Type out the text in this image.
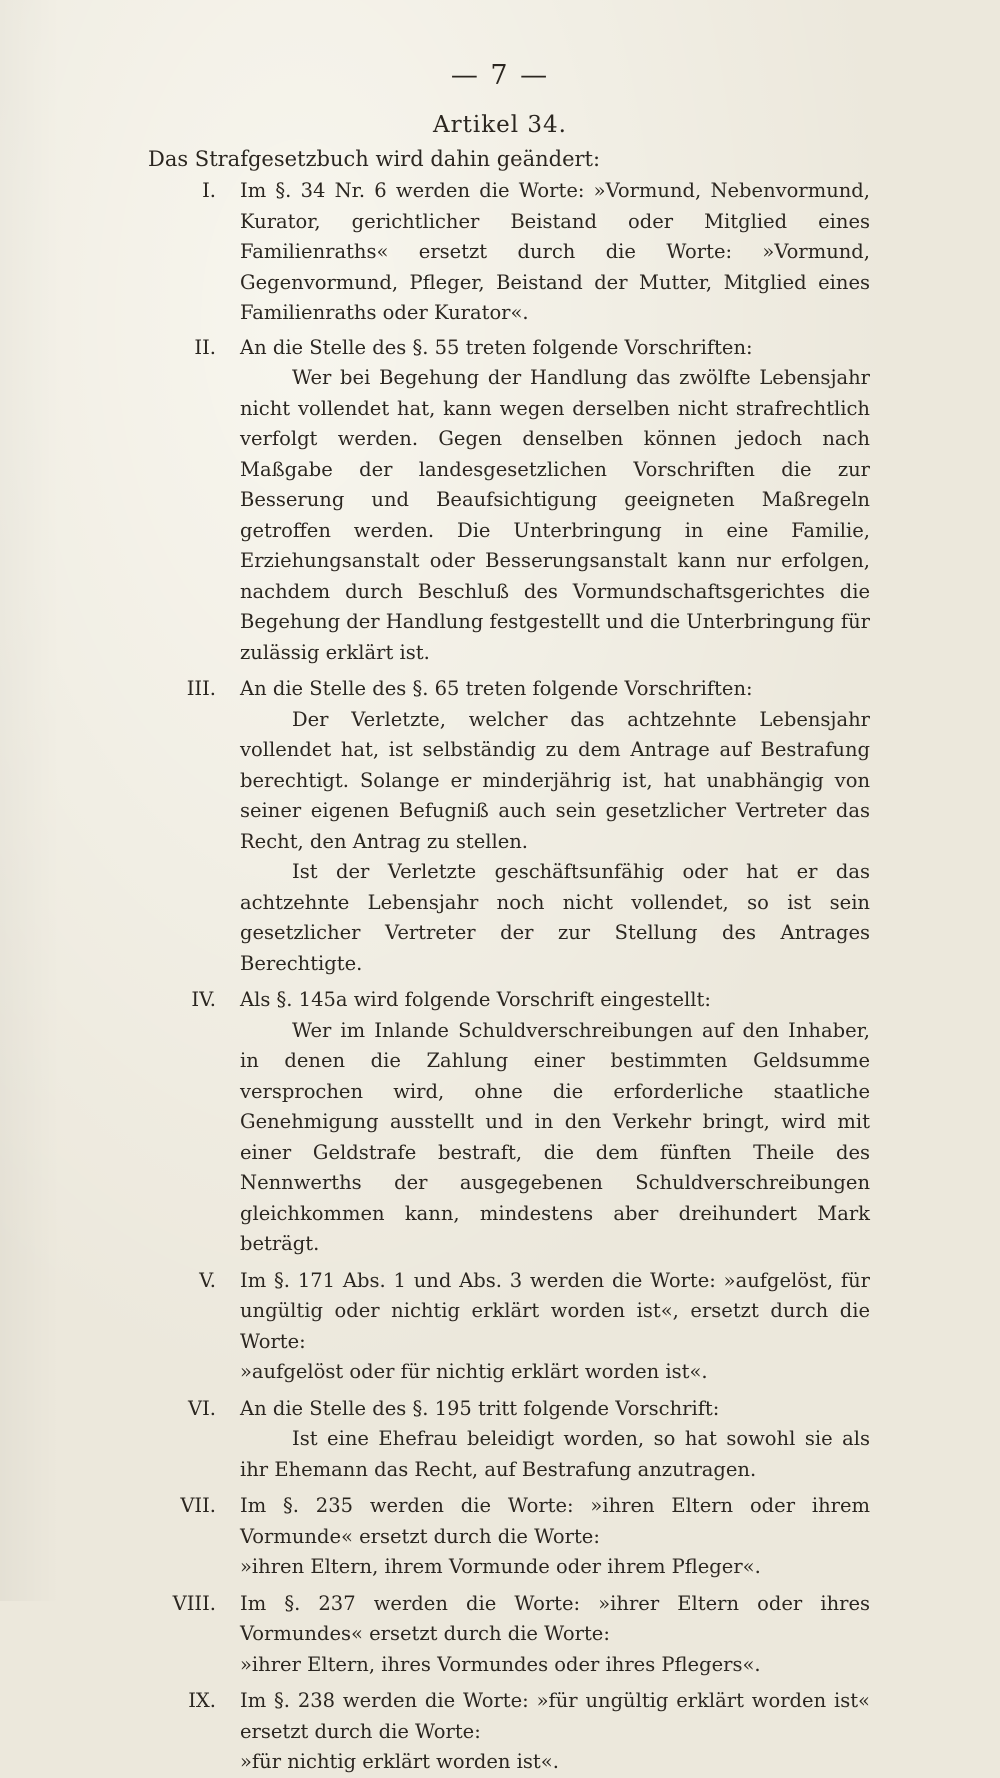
— 7 —
Artikel 34.
Das Strafgesetzbuch wird dahin geändert:
I. Im §. 34 Nr. 6 werden die Worte: »Vormund, Nebenvormund, Kurator, gerichtlicher Beistand oder Mitglied eines Familienraths« ersetzt durch die Worte: »Vormund, Gegenvormund, Pfleger, Beistand der Mutter, Mitglied eines Familienraths oder Kurator«.
II. An die Stelle des §. 55 treten folgende Vorschriften:
Wer bei Begehung der Handlung das zwölfte Lebensjahr nicht vollendet hat, kann wegen derselben nicht strafrechtlich verfolgt werden. Gegen denselben können jedoch nach Maßgabe der landesgesetzlichen Vorschriften die zur Besserung und Beaufsichtigung geeigneten Maßregeln getroffen werden. Die Unterbringung in eine Familie, Erziehungsanstalt oder Besserungsanstalt kann nur erfolgen, nachdem durch Beschluß des Vormundschaftsgerichtes die Begehung der Handlung festgestellt und die Unterbringung für zulässig erklärt ist.
III. An die Stelle des §. 65 treten folgende Vorschriften:
Der Verletzte, welcher das achtzehnte Lebensjahr vollendet hat, ist selbständig zu dem Antrage auf Bestrafung berechtigt. Solange er minderjährig ist, hat unabhängig von seiner eigenen Befugniß auch sein gesetzlicher Vertreter das Recht, den Antrag zu stellen.
Ist der Verletzte geschäftsunfähig oder hat er das achtzehnte Lebensjahr noch nicht vollendet, so ist sein gesetzlicher Vertreter der zur Stellung des Antrages Berechtigte.
IV. Als §. 145a wird folgende Vorschrift eingestellt:
Wer im Inlande Schuldverschreibungen auf den Inhaber, in denen die Zahlung einer bestimmten Geldsumme versprochen wird, ohne die erforderliche staatliche Genehmigung ausstellt und in den Verkehr bringt, wird mit einer Geldstrafe bestraft, die dem fünften Theile des Nennwerths der ausgegebenen Schuldverschreibungen gleichkommen kann, mindestens aber dreihundert Mark beträgt.
V. Im §. 171 Abs. 1 und Abs. 3 werden die Worte: »aufgelöst, für ungültig oder nichtig erklärt worden ist«, ersetzt durch die Worte:
»aufgelöst oder für nichtig erklärt worden ist«.
VI. An die Stelle des §. 195 tritt folgende Vorschrift:
Ist eine Ehefrau beleidigt worden, so hat sowohl sie als ihr Ehemann das Recht, auf Bestrafung anzutragen.
VII. Im §. 235 werden die Worte: »ihren Eltern oder ihrem Vormunde« ersetzt durch die Worte:
»ihren Eltern, ihrem Vormunde oder ihrem Pfleger«.
VIII. Im §. 237 werden die Worte: »ihrer Eltern oder ihres Vormundes« ersetzt durch die Worte:
»ihrer Eltern, ihres Vormundes oder ihres Pflegers«.
IX. Im §. 238 werden die Worte: »für ungültig erklärt worden ist« ersetzt durch die Worte:
»für nichtig erklärt worden ist«.
